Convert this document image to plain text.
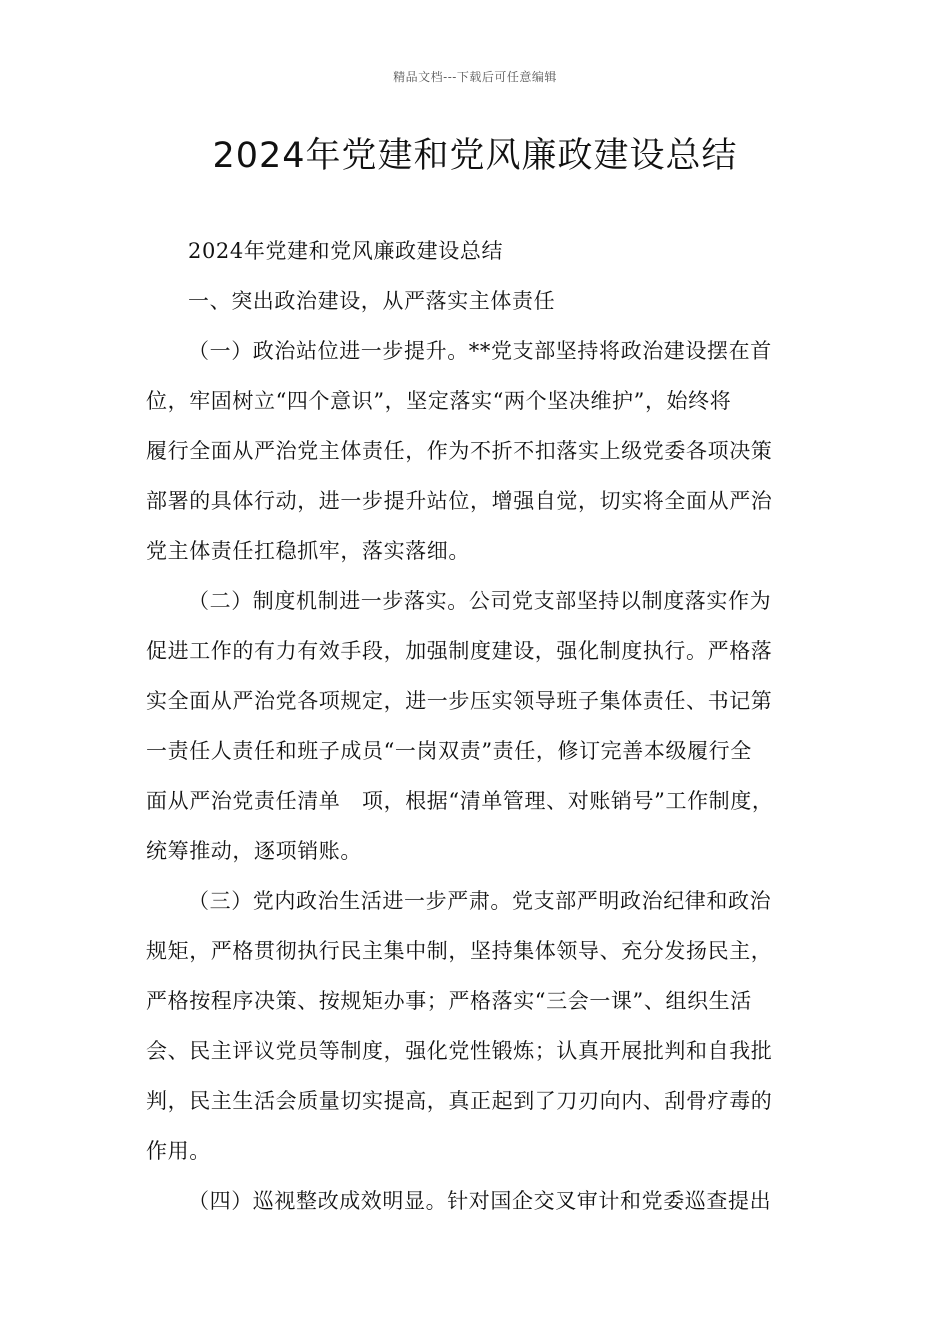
精品文档---下载后可任意编辑
2024年党建和党风廉政建设总结
2024年党建和党风廉政建设总结
一、突出政治建设，从严落实主体责任
（一）政治站位进一步提升。**党支部坚持将政治建设摆在首
位，牢固树立“四个意识”，坚定落实“两个坚决维护”，始终将
履行全面从严治党主体责任，作为不折不扣落实上级党委各项决策
部署的具体行动，进一步提升站位，增强自觉，切实将全面从严治
党主体责任扛稳抓牢，落实落细。
（二）制度机制进一步落实。公司党支部坚持以制度落实作为
促进工作的有力有效手段，加强制度建设，强化制度执行。严格落
实全面从严治党各项规定，进一步压实领导班子集体责任、书记第
一责任人责任和班子成员“一岗双责”责任，修订完善本级履行全
面从严治党责任清单　项，根据“清单管理、对账销号”工作制度，
统筹推动，逐项销账。
（三）党内政治生活进一步严肃。党支部严明政治纪律和政治
规矩，严格贯彻执行民主集中制，坚持集体领导、充分发扬民主，
严格按程序决策、按规矩办事；严格落实“三会一课”、组织生活
会、民主评议党员等制度，强化党性锻炼；认真开展批判和自我批
判，民主生活会质量切实提高，真正起到了刀刃向内、刮骨疗毒的
作用。
（四）巡视整改成效明显。针对国企交叉审计和党委巡查提出
